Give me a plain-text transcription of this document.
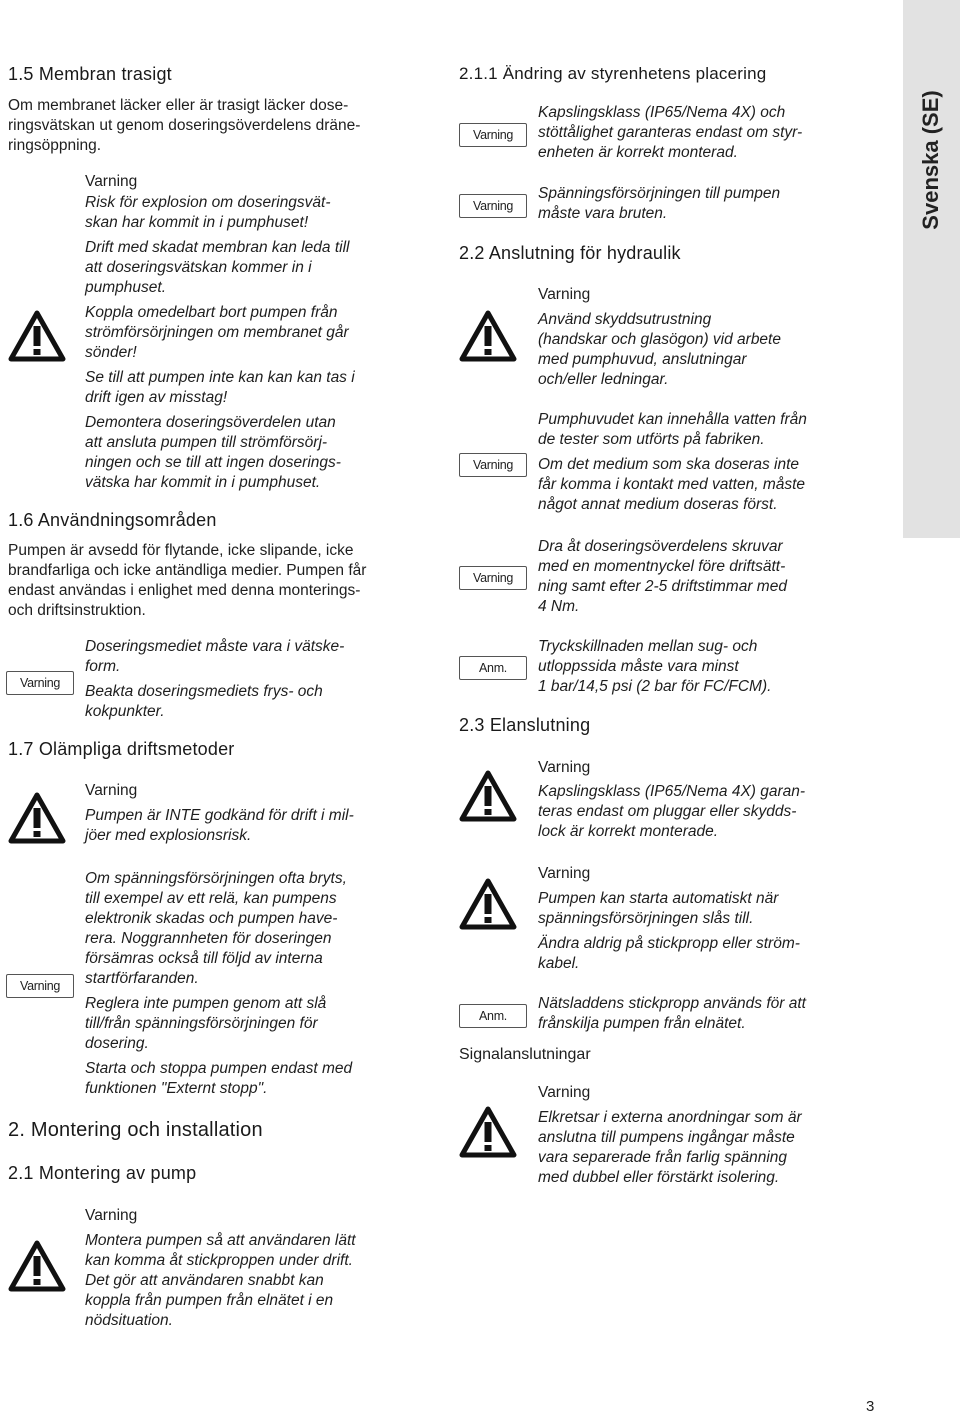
Svenska (SE)
1.5 Membran trasigt
Om membranet läcker eller är trasigt läcker dose-
ringsvätskan ut genom doseringsöverdelens dräne-
ringsöppning.
Varning
Risk för explosion om doseringsvät-
skan har kommit in i pumphuset!
Drift med skadat membran kan leda till
att doseringsvätskan kommer in i
pumphuset.
Koppla omedelbart bort pumpen från
strömförsörjningen om membranet går
sönder!
Se till att pumpen inte kan kan kan tas i
drift igen av misstag!
Demontera doseringsöverdelen utan
att ansluta pumpen till strömförsörj-
ningen och se till att ingen doserings-
vätska har kommit in i pumphuset.
1.6 Användningsområden
Pumpen är avsedd för flytande, icke slipande, icke
brandfarliga och icke antändliga medier. Pumpen får
endast användas i enlighet med denna monterings-
och driftsinstruktion.
Varning
Doseringsmediet måste vara i vätske-
form.
Beakta doseringsmediets frys- och
kokpunkter.
1.7 Olämpliga driftsmetoder
Varning
Pumpen är INTE godkänd för drift i mil-
jöer med explosionsrisk.
Varning
Om spänningsförsörjningen ofta bryts,
till exempel av ett relä, kan pumpens
elektronik skadas och pumpen havе-
rera. Noggrannheten för doseringen
försämras också till följd av interna
startförfaranden.
Reglera inte pumpen genom att slå
till/från spänningsförsörjningen för
dosering.
Starta och stoppa pumpen endast med
funktionen "Externt stopp".
2. Montering och installation
2.1 Montering av pump
Varning
Montera pumpen så att användaren lätt
kan komma åt stickproppen under drift.
Det gör att användaren snabbt kan
koppla från pumpen från elnätet i en
nödsituation.
2.1.1 Ändring av styrenhetens placering
Varning
Kapslingsklass (IP65/Nema 4X) och
stöttålighet garanteras endast om styr-
enheten är korrekt monterad.
Varning
Spänningsförsörjningen till pumpen
måste vara bruten.
2.2 Anslutning för hydraulik
Varning
Använd skyddsutrustning
(handskar och glasögon) vid arbete
med pumphuvud, anslutningar
och/eller ledningar.
Varning
Pumphuvudet kan innehålla vatten från
de tester som utförts på fabriken.
Om det medium som ska doseras inte
får komma i kontakt med vatten, måste
något annat medium doseras först.
Varning
Dra åt doseringsöverdelens skruvar
med en momentnyckel före driftsätt-
ning samt efter 2-5 driftstimmar med
4 Nm.
Anm.
Tryckskillnaden mellan sug- och
utloppssida måste vara minst
1 bar/14,5 psi (2 bar för FC/FCM).
2.3 Elanslutning
Varning
Kapslingsklass (IP65/Nema 4X) garan-
teras endast om pluggar eller skydds-
lock är korrekt monterade.
Varning
Pumpen kan starta automatiskt när
spänningsförsörjningen slås till.
Ändra aldrig på stickpropp eller ström-
kabel.
Anm.
Nätsladdens stickpropp används för att
frånskilja pumpen från elnätet.
Signalanslutningar
Varning
Elkretsar i externa anordningar som är
anslutna till pumpens ingångar måste
vara separerade från farlig spänning
med dubbel eller förstärkt isolering.
3
